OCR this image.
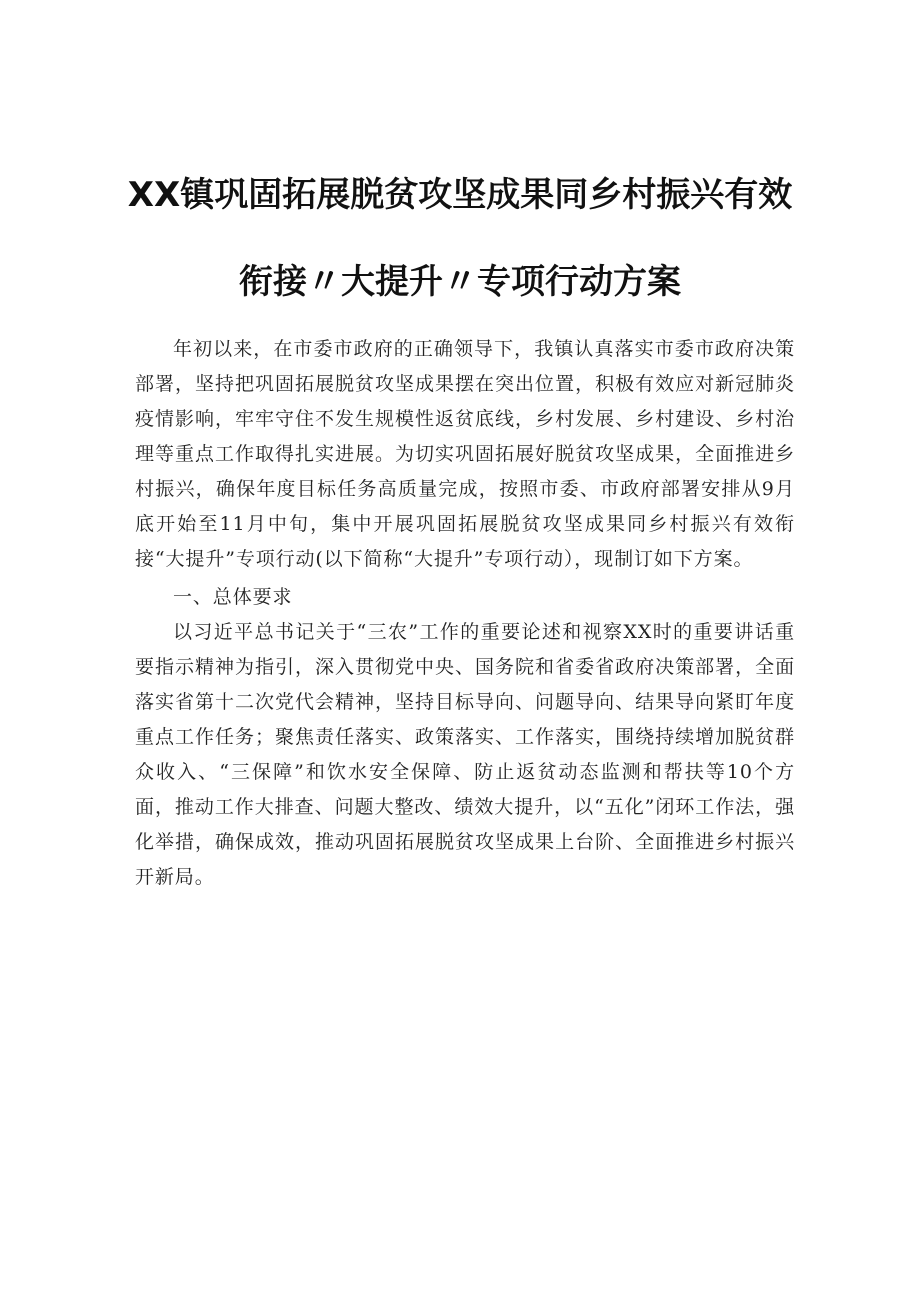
XX镇巩固拓展脱贫攻坚成果同乡村振兴有效
衔接〃大提升〃专项行动方案

年初以来，在市委市政府的正确领导下，我镇认真落实市委市政府决策部署，坚持把巩固拓展脱贫攻坚成果摆在突出位置，积极有效应对新冠肺炎疫情影响，牢牢守住不发生规模性返贫底线，乡村发展、乡村建设、乡村治理等重点工作取得扎实进展。为切实巩固拓展好脱贫攻坚成果，全面推进乡村振兴，确保年度目标任务高质量完成，按照市委、市政府部署安排从9月底开始至11月中旬，集中开展巩固拓展脱贫攻坚成果同乡村振兴有效衔接“大提升”专项行动(以下简称“大提升”专项行动），现制订如下方案。

一、总体要求

以习近平总书记关于“三农”工作的重要论述和视察XX时的重要讲话重要指示精神为指引，深入贯彻党中央、国务院和省委省政府决策部署，全面落实省第十二次党代会精神，坚持目标导向、问题导向、结果导向紧盯年度重点工作任务；聚焦责任落实、政策落实、工作落实，围绕持续增加脱贫群众收入、“三保障”和饮水安全保障、防止返贫动态监测和帮扶等10个方面，推动工作大排查、问题大整改、绩效大提升，以“五化”闭环工作法，强化举措，确保成效，推动巩固拓展脱贫攻坚成果上台阶、全面推进乡村振兴开新局。
